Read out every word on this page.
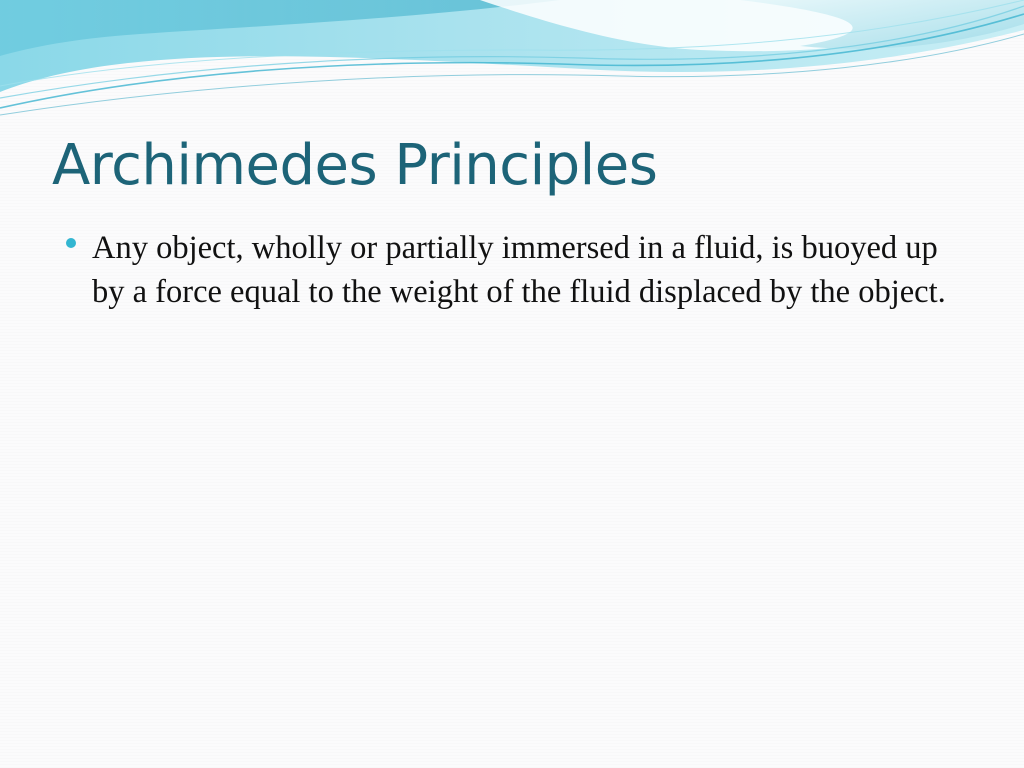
Archimedes Principles
Any object, wholly or partially immersed in a fluid, is buoyed up by a force equal to the weight of the fluid displaced by the object.
